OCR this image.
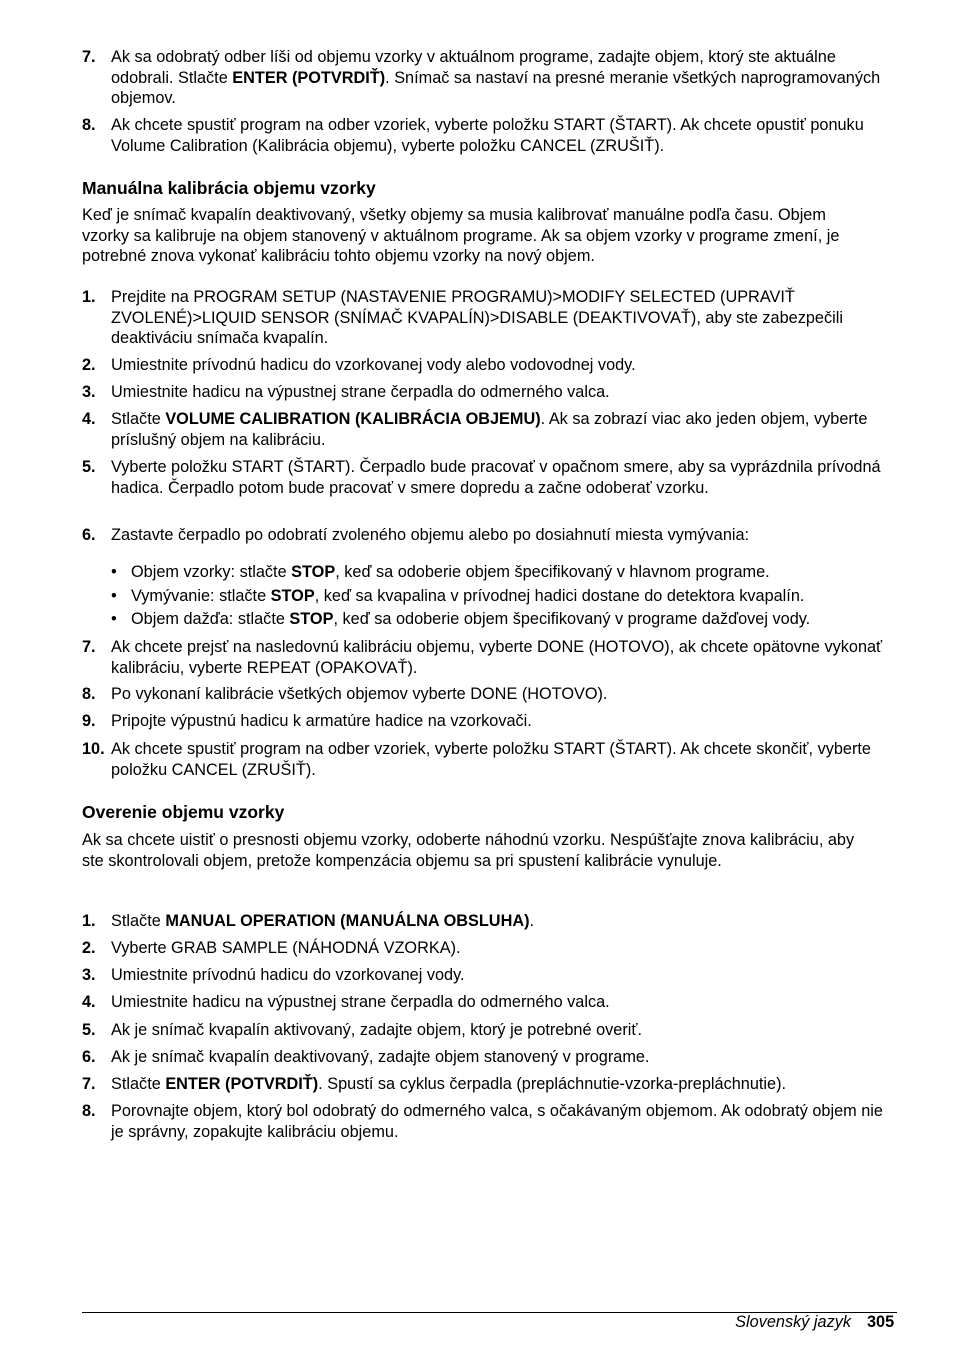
7. Ak sa odobratý odber líši od objemu vzorky v aktuálnom programe, zadajte objem, ktorý ste aktuálne odobrali. Stlačte ENTER (POTVRDIŤ). Snímač sa nastaví na presné meranie všetkých naprogramovaných objemov.
8. Ak chcete spustiť program na odber vzoriek, vyberte položku START (ŠTART). Ak chcete opustiť ponuku Volume Calibration (Kalibrácia objemu), vyberte položku CANCEL (ZRUŠIŤ).
Manuálna kalibrácia objemu vzorky
Keď je snímač kvapalín deaktivovaný, všetky objemy sa musia kalibrovať manuálne podľa času. Objem vzorky sa kalibruje na objem stanovený v aktuálnom programe. Ak sa objem vzorky v programe zmení, je potrebné znova vykonať kalibráciu tohto objemu vzorky na nový objem.
1. Prejdite na PROGRAM SETUP (NASTAVENIE PROGRAMU)>MODIFY SELECTED (UPRAVIŤ ZVOLENÉ)>LIQUID SENSOR (SNÍMAČ KVAPALÍN)>DISABLE (DEAKTIVOVAŤ), aby ste zabezpečili deaktiváciu snímača kvapalín.
2. Umiestnite prívodnú hadicu do vzorkovanej vody alebo vodovodnej vody.
3. Umiestnite hadicu na výpustnej strane čerpadla do odmerného valca.
4. Stlačte VOLUME CALIBRATION (KALIBRÁCIA OBJEMU). Ak sa zobrazí viac ako jeden objem, vyberte príslušný objem na kalibráciu.
5. Vyberte položku START (ŠTART). Čerpadlo bude pracovať v opačnom smere, aby sa vyprázdnila prívodná hadica. Čerpadlo potom bude pracovať v smere dopredu a začne odoberať vzorku.
6. Zastavte čerpadlo po odobratí zvoleného objemu alebo po dosiahnutí miesta vymývania:
• Objem vzorky: stlačte STOP, keď sa odoberie objem špecifikovaný v hlavnom programe.
• Vymývanie: stlačte STOP, keď sa kvapalina v prívodnej hadici dostane do detektora kvapalín.
• Objem dažďa: stlačte STOP, keď sa odoberie objem špecifikovaný v programe dažďovej vody.
7. Ak chcete prejsť na nasledovnú kalibráciu objemu, vyberte DONE (HOTOVO), ak chcete opätovne vykonať kalibráciu, vyberte REPEAT (OPAKOVAŤ).
8. Po vykonaní kalibrácie všetkých objemov vyberte DONE (HOTOVO).
9. Pripojte výpustnú hadicu k armatúre hadice na vzorkovači.
10. Ak chcete spustiť program na odber vzoriek, vyberte položku START (ŠTART). Ak chcete skončiť, vyberte položku CANCEL (ZRUŠIŤ).
Overenie objemu vzorky
Ak sa chcete uistiť o presnosti objemu vzorky, odoberte náhodnú vzorku. Nespúšťajte znova kalibráciu, aby ste skontrolovali objem, pretože kompenzácia objemu sa pri spustení kalibrácie vynuluje.
1. Stlačte MANUAL OPERATION (MANUÁLNA OBSLUHA).
2. Vyberte GRAB SAMPLE (NÁHODNÁ VZORKA).
3. Umiestnite prívodnú hadicu do vzorkovanej vody.
4. Umiestnite hadicu na výpustnej strane čerpadla do odmerného valca.
5. Ak je snímač kvapalín aktivovaný, zadajte objem, ktorý je potrebné overiť.
6. Ak je snímač kvapalín deaktivovaný, zadajte objem stanovený v programe.
7. Stlačte ENTER (POTVRDIŤ). Spustí sa cyklus čerpadla (prepláchnutie-vzorka-prepláchnutie).
8. Porovnajte objem, ktorý bol odobratý do odmerného valca, s očakávaným objemom. Ak odobratý objem nie je správny, zopakujte kalibráciu objemu.
Slovenský jazyk 305
